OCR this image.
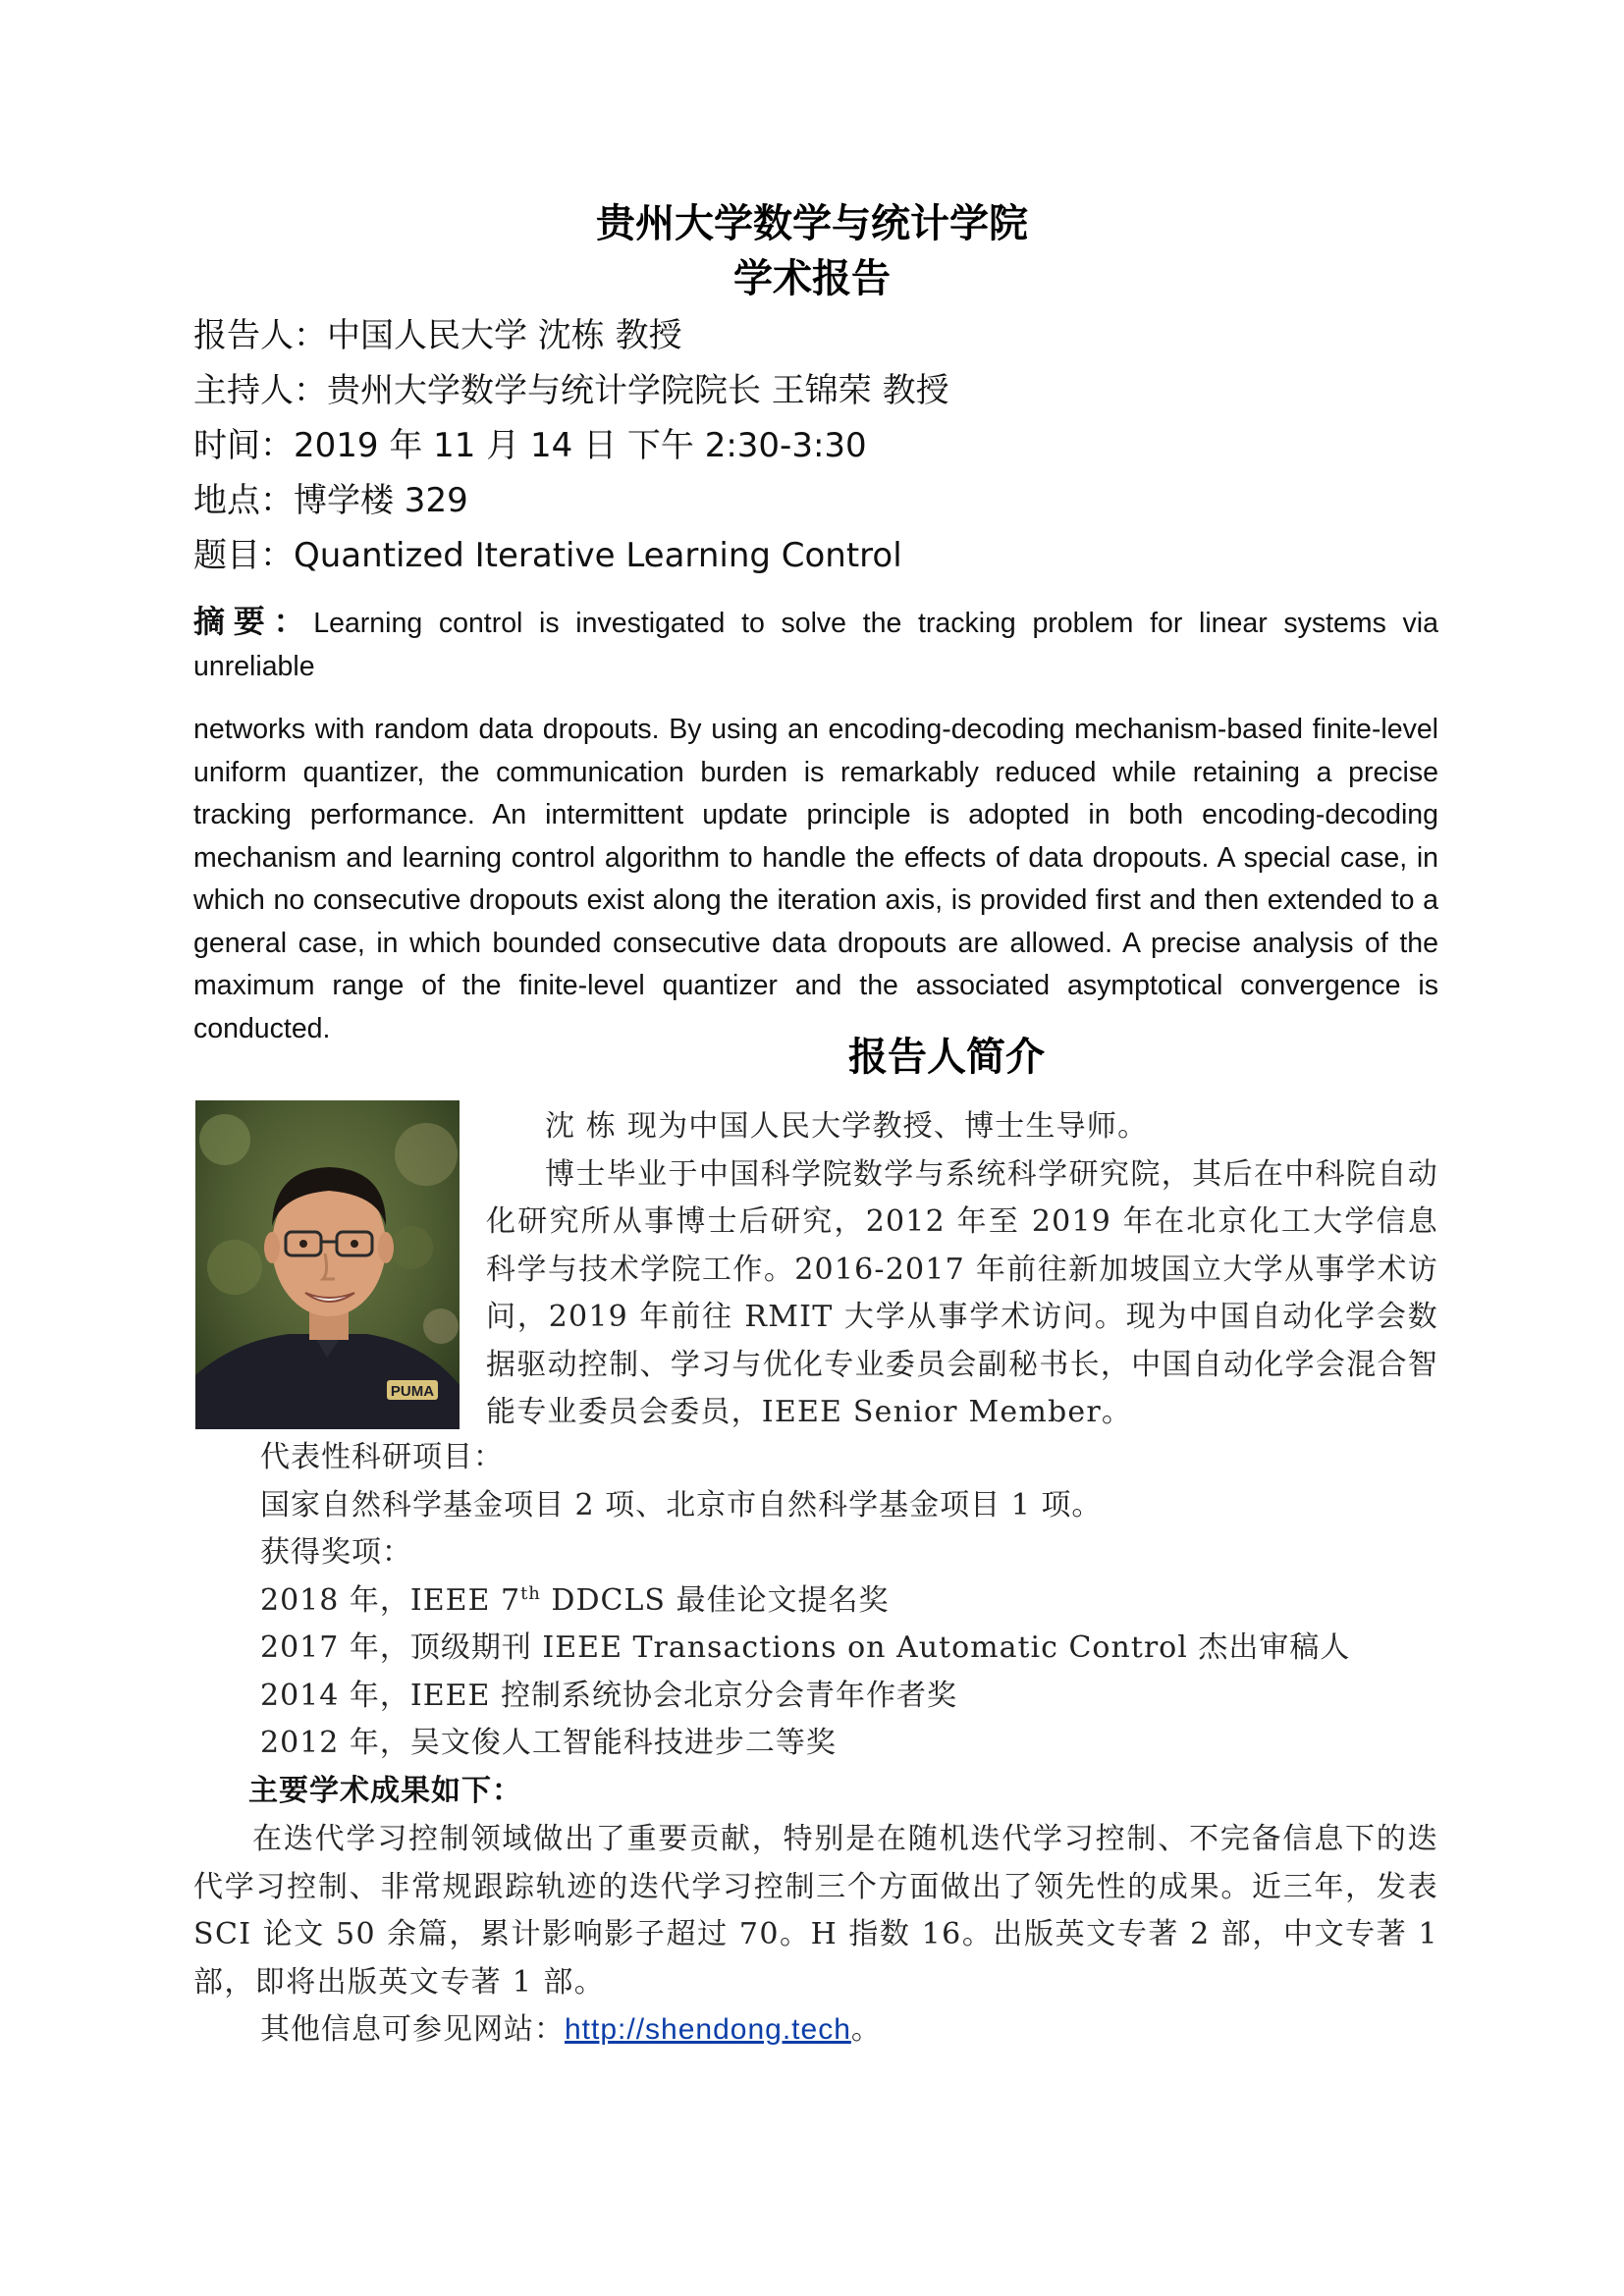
贵州大学数学与统计学院
学术报告
报告人：中国人民大学 沈栋 教授
主持人：贵州大学数学与统计学院院长 王锦荣 教授
时间：2019 年 11 月 14 日 下午 2:30-3:30
地点：博学楼 329
题目：Quantized Iterative Learning Control
摘要：Learning control is investigated to solve the tracking problem for linear systems via unreliable
networks with random data dropouts. By using an encoding-decoding mechanism-based finite-level uniform quantizer, the communication burden is remarkably reduced while retaining a precise tracking performance. An intermittent update principle is adopted in both encoding-decoding mechanism and learning control algorithm to handle the effects of data dropouts. A special case, in which no consecutive dropouts exist along the iteration axis, is provided first and then extended to a general case, in which bounded consecutive data dropouts are allowed. A precise analysis of the maximum range of the finite-level quantizer and the associated asymptotical convergence is conducted.
报告人简介
PUMA

沈 栋 现为中国人民大学教授、博士生导师。

博士毕业于中国科学院数学与系统科学研究院，其后在中科院自动化研究所从事博士后研究，2012 年至 2019 年在北京化工大学信息科学与技术学院工作。2016-2017 年前往新加坡国立大学从事学术访问，2019 年前往 RMIT 大学从事学术访问。现为中国自动化学会数据驱动控制、学习与优化专业委员会副秘书长，中国自动化学会混合智能专业委员会委员，IEEE Senior Member。

代表性科研项目：
国家自然科学基金项目 2 项、北京市自然科学基金项目 1 项。
获得奖项：
2018 年，IEEE 7th DDCLS 最佳论文提名奖
2017 年，顶级期刊 IEEE Transactions on Automatic Control 杰出审稿人
2014 年，IEEE 控制系统协会北京分会青年作者奖
2012 年，吴文俊人工智能科技进步二等奖
主要学术成果如下：

在迭代学习控制领域做出了重要贡献，特别是在随机迭代学习控制、不完备信息下的迭代学习控制、非常规跟踪轨迹的迭代学习控制三个方面做出了领先性的成果。近三年，发表 SCI 论文 50 余篇，累计影响影子超过 70。H 指数 16。出版英文专著 2 部，中文专著 1 部，即将出版英文专著 1 部。

其他信息可参见网站：http://shendong.tech。
